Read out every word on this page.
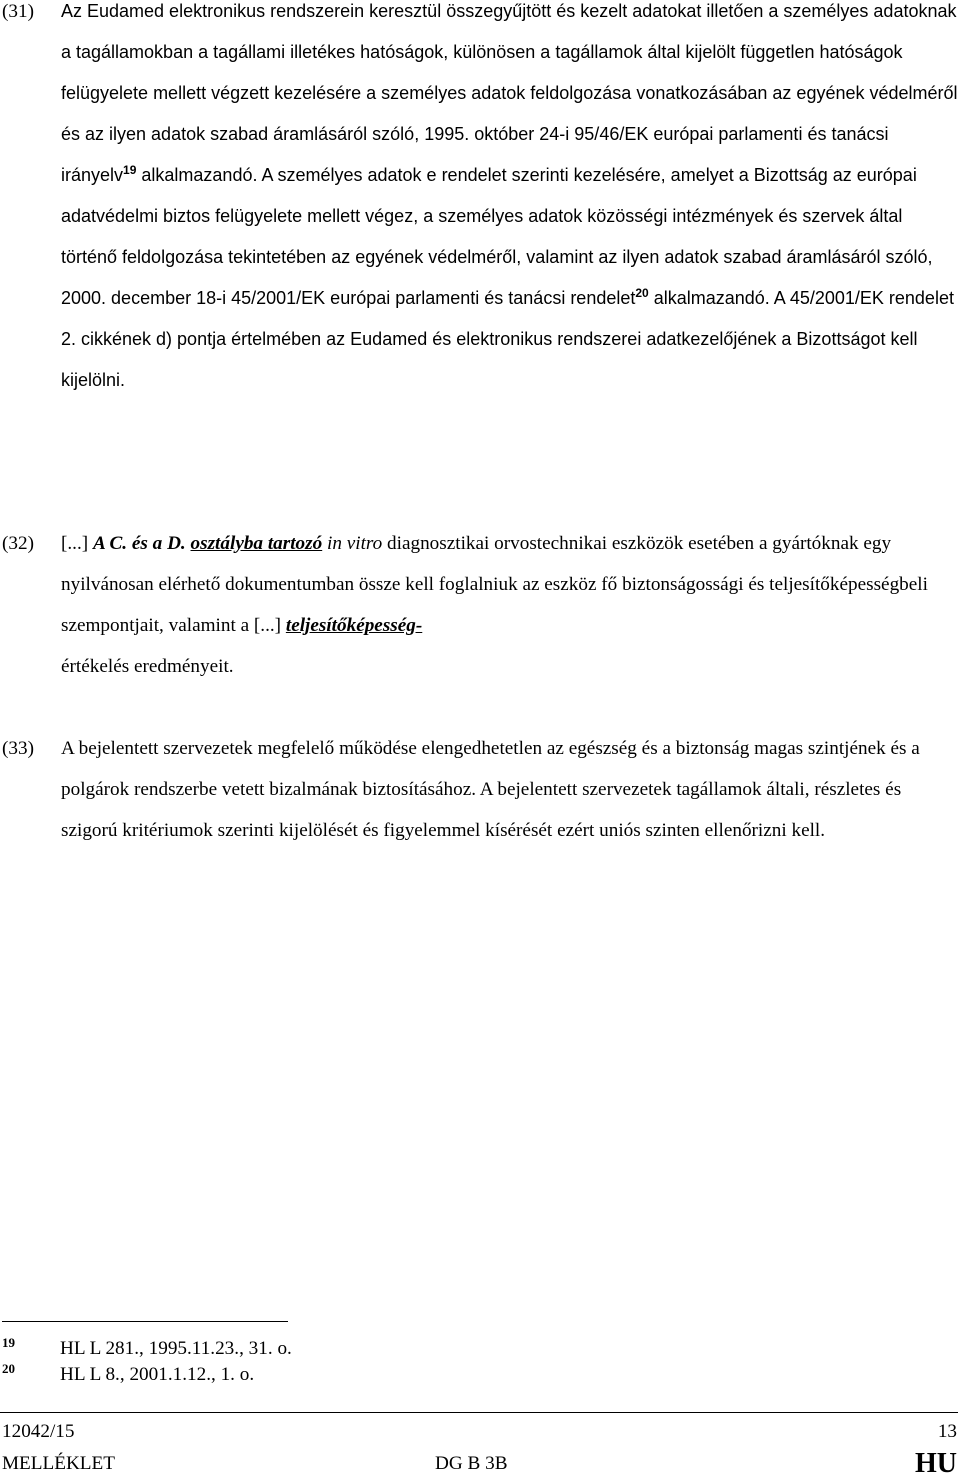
(31) Az Eudamed elektronikus rendszerein keresztül összegyűjtött és kezelt adatokat illetően a személyes adatoknak a tagállamokban a tagállami illetékes hatóságok, különösen a tagállamok által kijelölt független hatóságok felügyelete mellett végzett kezelésére a személyes adatok feldolgozása vonatkozásában az egyének védelméről és az ilyen adatok szabad áramlásáról szóló, 1995. október 24-i 95/46/EK európai parlamenti és tanácsi irányelv$^{19}$ alkalmazandó. A személyes adatok e rendelet szerinti kezelésére, amelyet a Bizottság az európai adatvédelmi biztos felügyelete mellett végez, a személyes adatok közösségi intézmények és szervek által történő feldolgozása tekintetében az egyének védelméről, valamint az ilyen adatok szabad áramlásáról szóló, 2000. december 18-i 45/2001/EK európai parlamenti és tanácsi rendelet$^{20}$ alkalmazandó. A 45/2001/EK rendelet 2. cikkének d) pontja értelmében az Eudamed és elektronikus rendszerei adatkezelőjének a Bizottságot kell kijelölni.
(32) [...] A C. és a D. osztályba tartozó in vitro diagnosztikai orvostechnikai eszközök esetében a gyártóknak egy nyilvánosan elérhető dokumentumban össze kell foglalniuk az eszköz fő biztonságossági és teljesítőképességbeli szempontjait, valamint a [...] teljesítőképesség-
értékelés eredményeit.
(33) A bejelentett szervezetek megfelelő működése elengedhetetlen az egészség és a biztonság magas szintjének és a polgárok rendszerbe vetett bizalmának biztosításához. A bejelentett szervezetek tagállamok általi, részletes és szigorú kritériumok szerinti kijelölését és figyelemmel kísérését ezért uniós szinten ellenőrizni kell.
19 HL L 281., 1995.11.23., 31. o.
20 HL L 8., 2001.1.12., 1. o.
12042/15	13
MELLÉKLET	DG B 3B	HU
